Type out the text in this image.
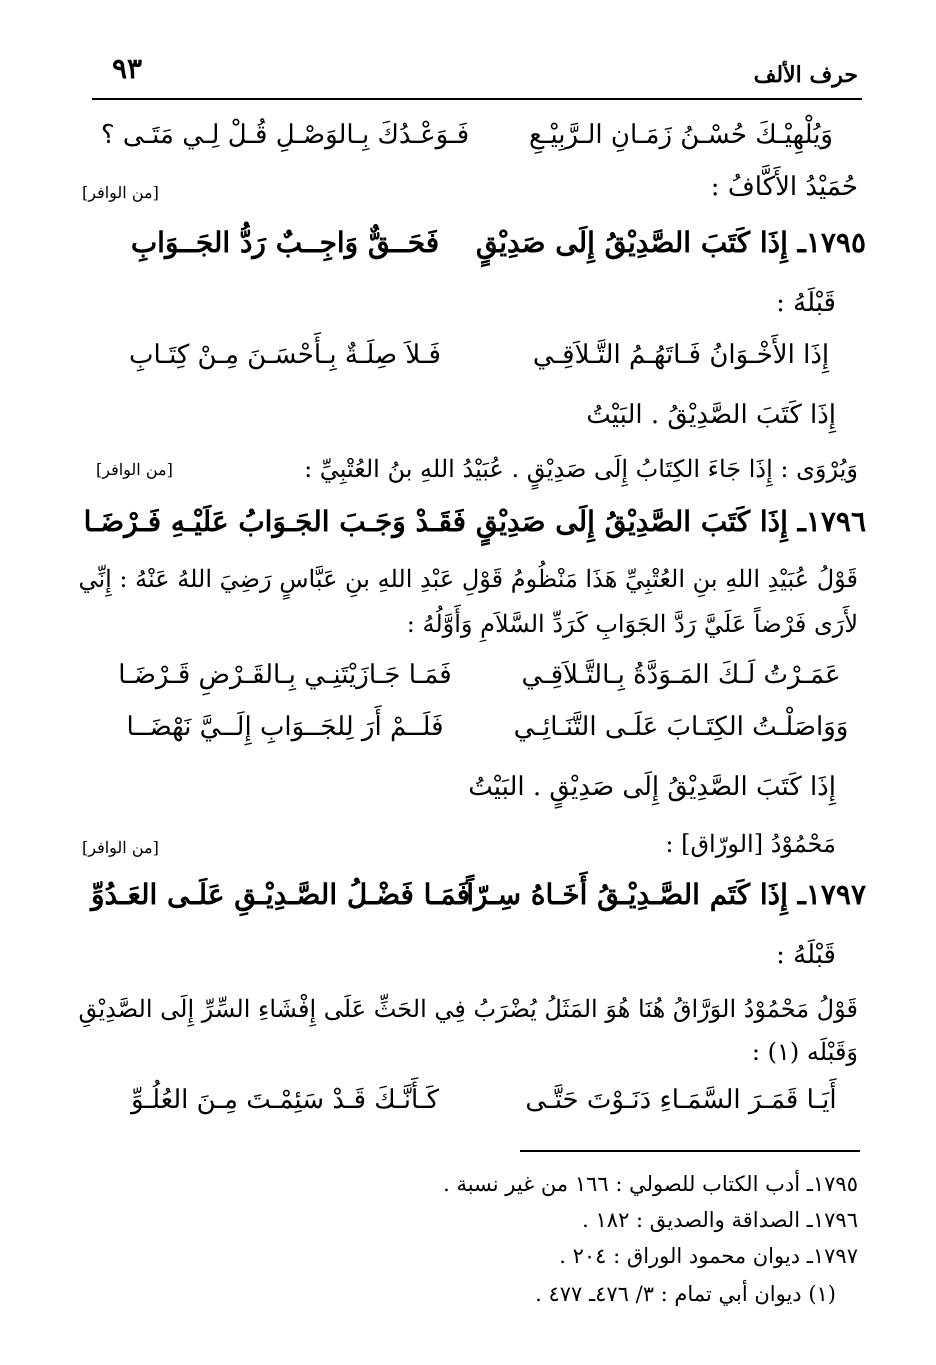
حرف الألف
٩٣
وَيُلْهِيْـكَ حُسْـنُ زَمَـانِ الـرَّبِيْـعِ
فَـوَعْـدُكَ بِـالوَصْـلِ قُـلْ لِـي مَتَـى ؟
حُمَيْدُ الأَكَّافُ :
[من الوافر]
١٧٩٥ـ إِذَا كَتَبَ الصَّدِيْقُ إِلَى صَدِيْقٍ
فَحَــقٌّ وَاجِــبٌ رَدُّ الجَــوَابِ
قَبْلَهُ :
إِذَا الأَخْـوَانُ فَـاتَهُـمُ التَّـلاَقِـي
فَـلاَ صِلَـةٌ بِـأَحْسَـنَ مِـنْ كِتَـابِ
إِذَا كَتَبَ الصَّدِيْقُ . البَيْتُ
وَيُرْوَى : إِذَا جَاءَ الكِتَابُ إِلَى صَدِيْقٍ . عُبَيْدُ اللهِ بنُ العُتْبِيِّ :
[من الوافر]
١٧٩٦ـ إِذَا كَتَبَ الصَّدِيْقُ إِلَى صَدِيْقٍ
فَقَـدْ وَجَـبَ الجَـوَابُ عَلَيْـهِ فَـرْضَـا
قَوْلُ عُبَيْدِ اللهِ بنِ العُتْبِيِّ هَذَا مَنْظُومُ قَوْلِ عَبْدِ اللهِ بنِ عَبَّاسٍ رَضِيَ اللهُ عَنْهُ : إِنِّي
لأَرَى فَرْضاً عَلَيَّ رَدَّ الجَوَابِ كَرَدِّ السَّلاَمِ وَأَوَّلُهُ :
عَمَـرْتُ لَـكَ المَـوَدَّةُ بِـالتَّـلاَقِـي
فَمَـا جَـازَيْتَنِـي بِـالقَـرْضِ قَـرْضَـا
وَوَاصَلْـتُ الكِتَـابَ عَلَـى التَّنَـائِـي
فَلَــمْ أَرَ لِلجَــوَابِ إِلَــيَّ نَهْضَــا
إِذَا كَتَبَ الصَّدِيْقُ إِلَى صَدِيْقٍ . البَيْتُ
مَحْمُوْدُ [الورّاق] :
[من الوافر]
١٧٩٧ـ إِذَا كَتَم الصَّـدِيْـقُ أَخَـاهُ سِـرّاً
فَمَـا فَضْـلُ الصَّـدِيْـقِ عَلَـى العَـدُوِّ
قَبْلَهُ :
قَوْلُ مَحْمُوْدُ الوَرَّاقُ هُنَا هُوَ المَثَلُ يُضْرَبُ فِي الحَثِّ عَلَى إِفْشَاءِ السِّرِّ إِلَى الصَّدِيْقِ
وَقَبْلَه (١) :
أَيَـا قَمَـرَ السَّمَـاءِ دَنَـوْتَ حَتَّـى
كَـأَنَّـكَ قَـدْ سَئِمْـتَ مِـنَ العُلُـوِّ
١٧٩٥ـ أدب الكتاب للصولي : ١٦٦ من غير نسبة .
١٧٩٦ـ الصداقة والصديق : ١٨٢ .
١٧٩٧ـ ديوان محمود الوراق : ٢٠٤ .
(١) ديوان أبي تمام : ٣/ ٤٧٦ـ ٤٧٧ .
